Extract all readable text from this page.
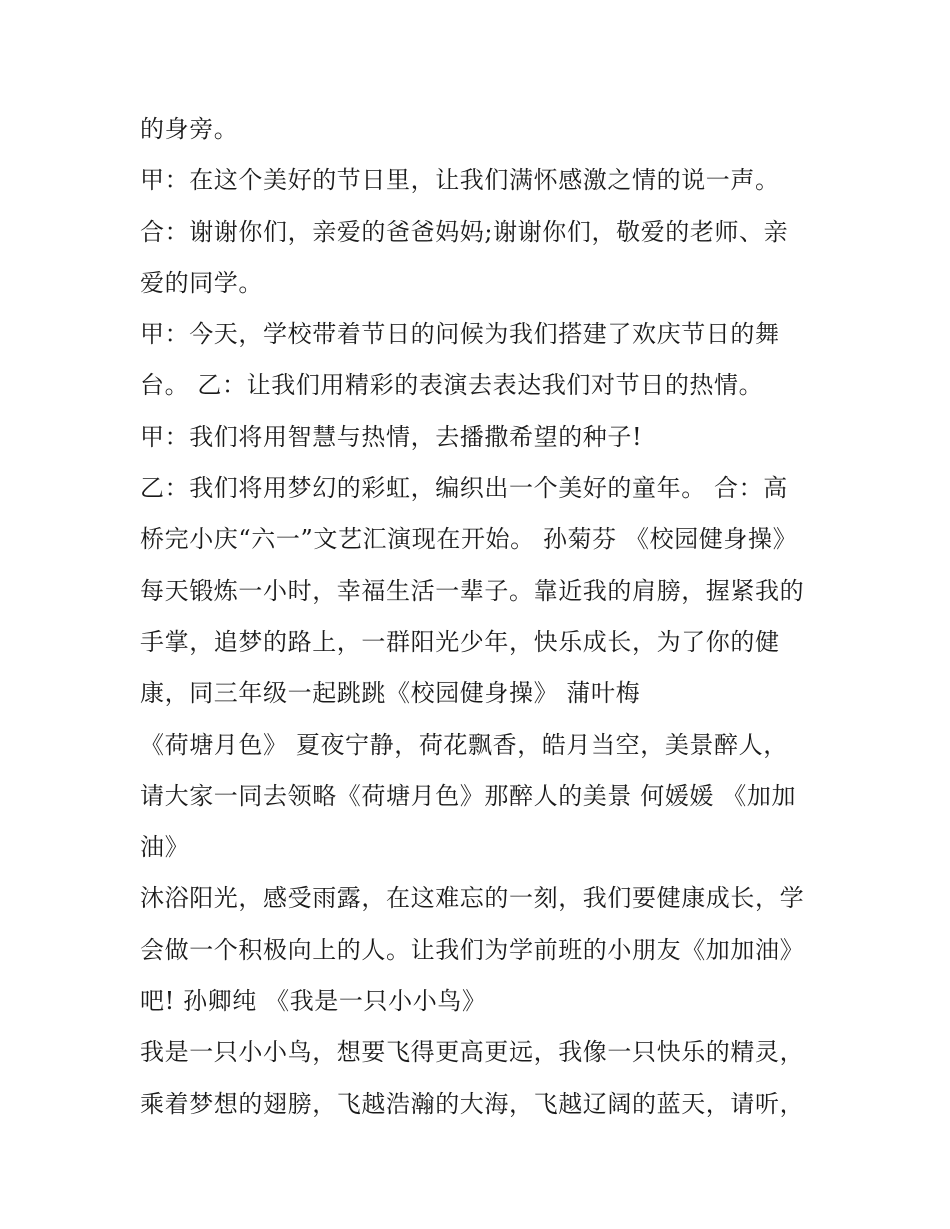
的身旁。
甲：在这个美好的节日里，让我们满怀感激之情的说一声。
合：谢谢你们，亲爱的爸爸妈妈;谢谢你们，敬爱的老师、亲
爱的同学。
甲：今天，学校带着节日的问候为我们搭建了欢庆节日的舞
台。 乙：让我们用精彩的表演去表达我们对节日的热情。
甲：我们将用智慧与热情，去播撒希望的种子!
乙：我们将用梦幻的彩虹，编织出一个美好的童年。 合：高
桥完小庆“六一”文艺汇演现在开始。 孙菊芬 《校园健身操》
每天锻炼一小时，幸福生活一辈子。靠近我的肩膀，握紧我的
手掌，追梦的路上，一群阳光少年，快乐成长，为了你的健
康，同三年级一起跳跳《校园健身操》 蒲叶梅
《荷塘月色》 夏夜宁静，荷花飘香，皓月当空，美景醉人，
请大家一同去领略《荷塘月色》那醉人的美景 何媛媛 《加加
油》
沐浴阳光，感受雨露，在这难忘的一刻，我们要健康成长，学
会做一个积极向上的人。让我们为学前班的小朋友《加加油》
吧! 孙卿纯 《我是一只小小鸟》
我是一只小小鸟，想要飞得更高更远，我像一只快乐的精灵，
乘着梦想的翅膀，飞越浩瀚的大海，飞越辽阔的蓝天，请听，
